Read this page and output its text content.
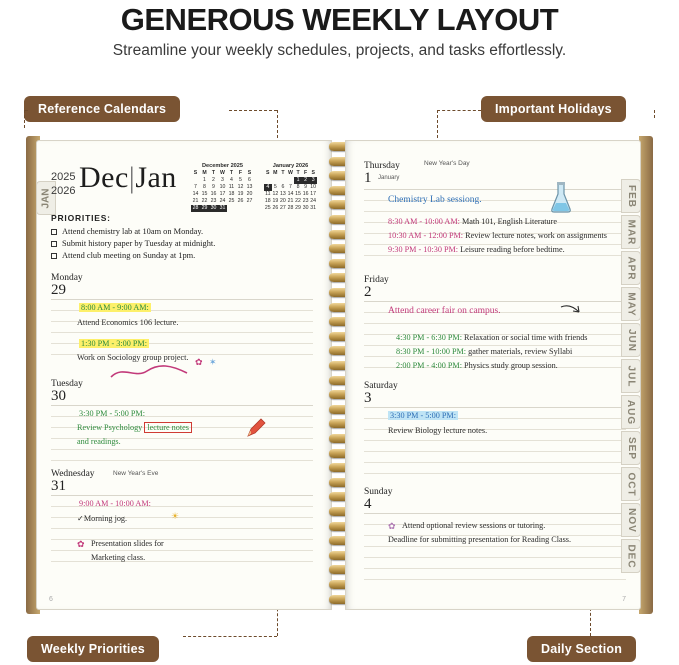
GENEROUS WEEKLY LAYOUT
Streamline your weekly schedules, projects, and tasks effortlessly.
Reference Calendars	Important Holidays
Weekly Priorities	Daily Section
JAN
2025
2026 Dec|Jan	December 2025
S	M	T	W	T	F	S
	1	2	3	4	5	6
7	8	9	10	11	12	13
14	15	16	17	18	19	20
21	22	23	24	25	26	27
28	29	30	31			
January 2026
S	M	T	W	T	F	S
				1	2	3
4	5	6	7	8	9	10
11	12	13	14	15	16	17
18	19	20	21	22	23	24
25	26	27	28	29	30	31
PRIORITIES:
Attend chemistry lab at 10am on Monday.
Submit history paper by Tuesday at midnight.
Attend club meeting on Sunday at 1pm.
Monday
29
8:00 AM - 9:00 AM:
Attend Economics 106 lecture.
1:30 PM - 3:00 PM:
Work on Sociology group project. ✿ ✶
Tuesday
30
3:30 PM - 5:00 PM:
Review Psychology lecture notes
and readings.
Wednesday	New Year's Eve
31
9:00 AM - 10:00 AM:
✓Morning jog.	☀
✿ Presentation slides for
Marketing class.
6
Thursday	New Year's Day
1	January
Chemistry Lab sessiong.
8:30 AM - 10:00 AM: Math 101, English Literature
10:30 AM - 12:00 PM: Review lecture notes, work on assignments
9:30 PM - 10:30 PM: Leisure reading before bedtime.
Friday
2
Attend career fair on campus.
4:30 PM - 6:30 PM: Relaxation or social time with friends
8:30 PM - 10:00 PM: gather materials, review Syllabi
2:00 PM - 4:00 PM: Physics study group session.
Saturday
3
3:30 PM - 5:00 PM:
Review Biology lecture notes.
Sunday
4
✿ Attend optional review sessions or tutoring.
Deadline for submitting presentation for Reading Class.
7
FEB
MAR
APR
MAY
JUN
JUL
AUG
SEP
OCT
NOV
DEC
